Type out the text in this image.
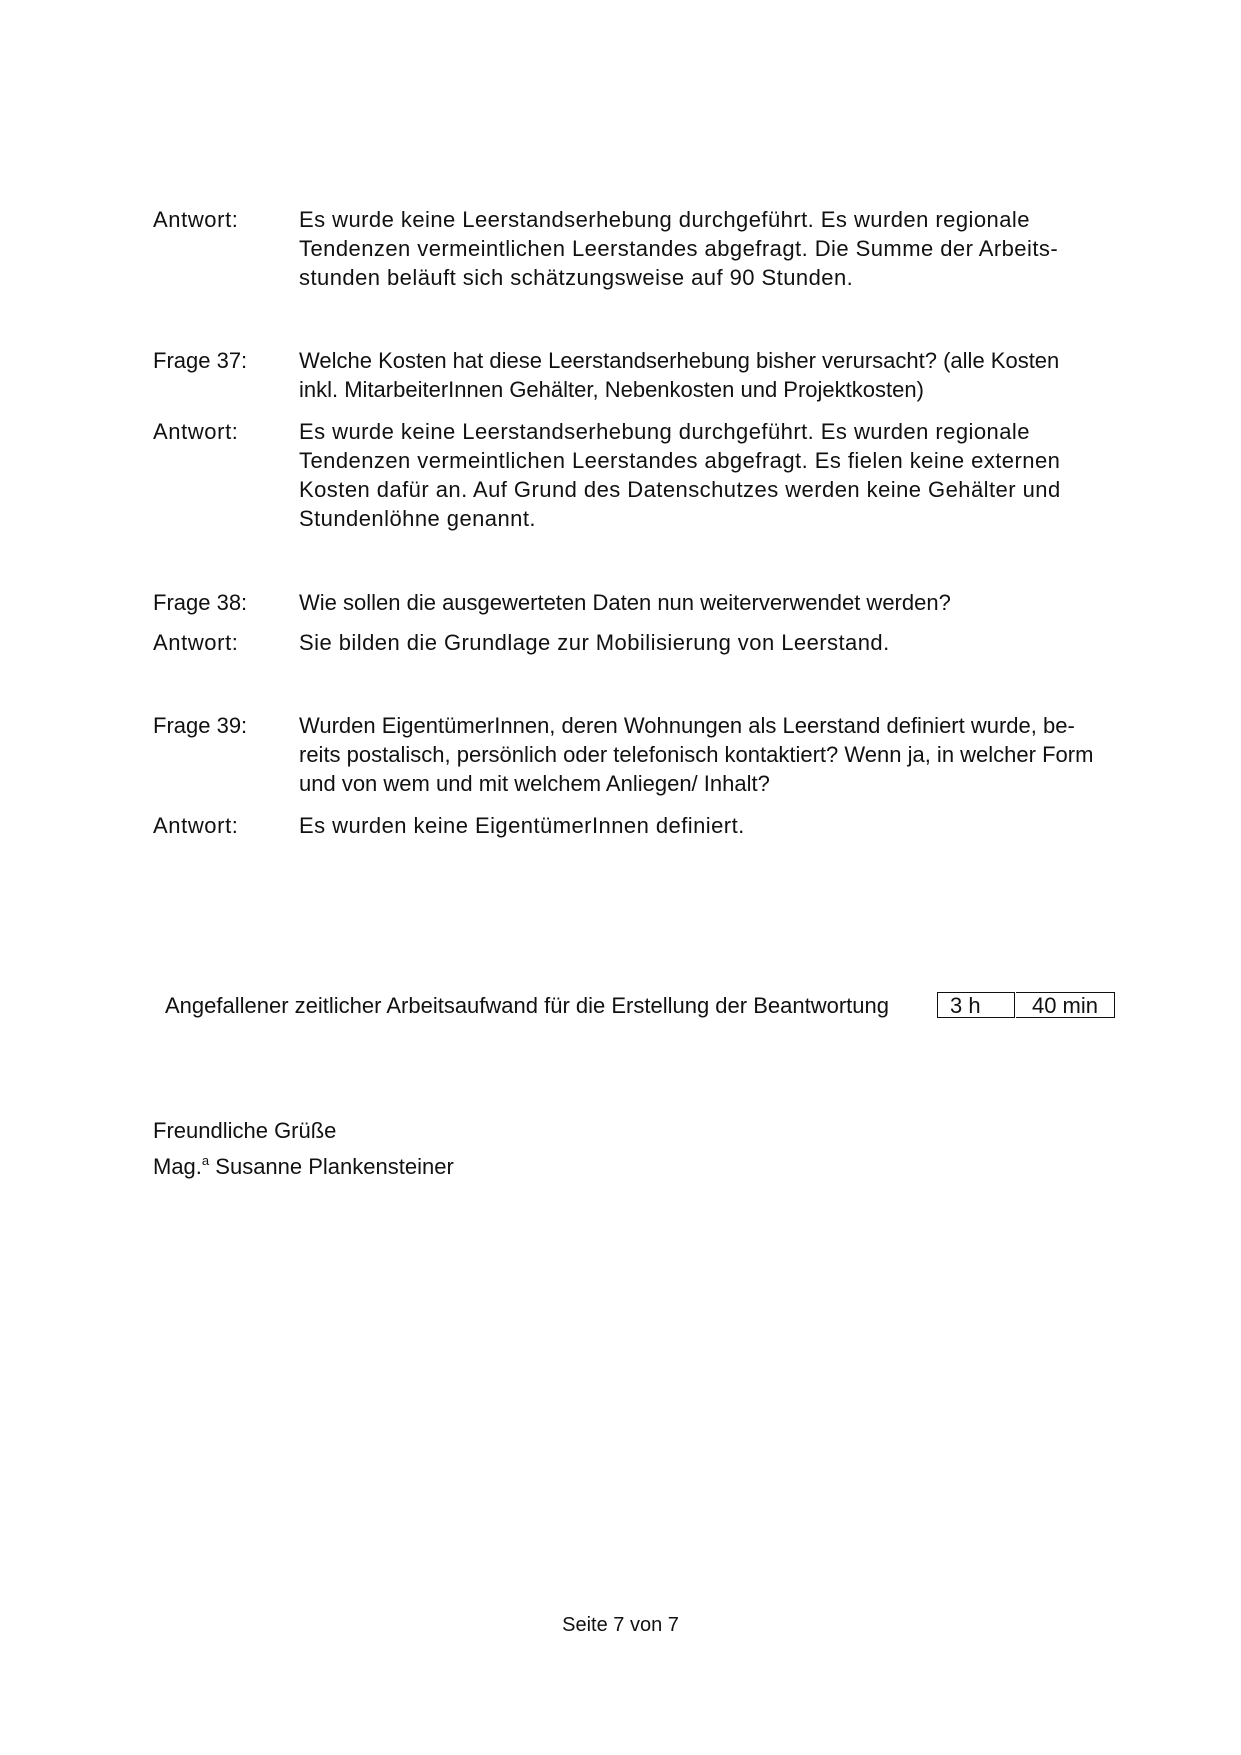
Antwort:	Es wurde keine Leerstandserhebung durchgeführt. Es wurden regionale
Tendenzen vermeintlichen Leerstandes abgefragt. Die Summe der Arbeits-
stunden beläuft sich schätzungsweise auf 90 Stunden.
Frage 37:	Welche Kosten hat diese Leerstandserhebung bisher verursacht? (alle Kosten
inkl. MitarbeiterInnen Gehälter, Nebenkosten und Projektkosten)
Antwort:	Es wurde keine Leerstandserhebung durchgeführt. Es wurden regionale
Tendenzen vermeintlichen Leerstandes abgefragt. Es fielen keine externen
Kosten dafür an. Auf Grund des Datenschutzes werden keine Gehälter und
Stundenlöhne genannt.
Frage 38:	Wie sollen die ausgewerteten Daten nun weiterverwendet werden?
Antwort:	Sie bilden die Grundlage zur Mobilisierung von Leerstand.
Frage 39:	Wurden EigentümerInnen, deren Wohnungen als Leerstand definiert wurde, be-
reits postalisch, persönlich oder telefonisch kontaktiert? Wenn ja, in welcher Form
und von wem und mit welchem Anliegen/ Inhalt?
Antwort:	Es wurden keine EigentümerInnen definiert.
Angefallener zeitlicher Arbeitsaufwand für die Erstellung der Beantwortung	3 h	40 min
Freundliche Grüße
Mag.$^a$ Susanne Plankensteiner
Seite 7 von 7
